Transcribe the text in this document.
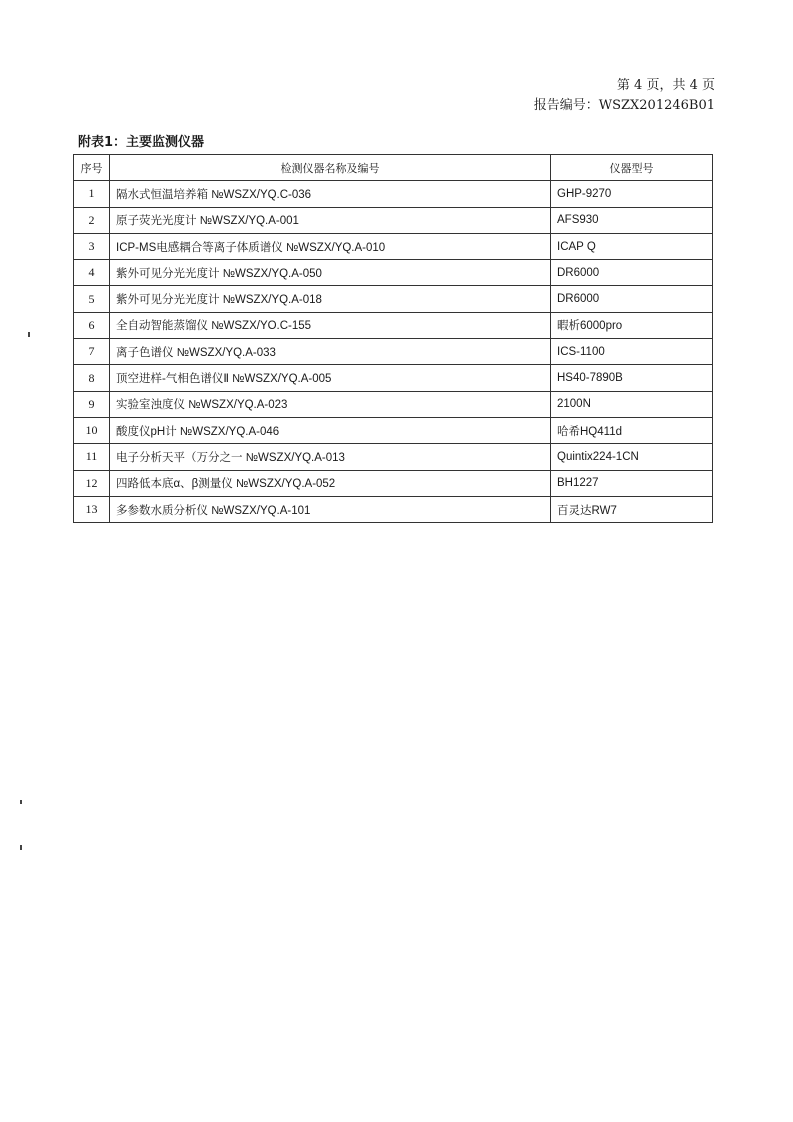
第 4 页，共 4 页
报告编号：WSZX201246B01
附表1：主要监测仪器
序号	检测仪器名称及编号	仪器型号
1	隔水式恒温培养箱 №WSZX/YQ.C-036	GHP-9270
2	原子荧光光度计 №WSZX/YQ.A-001	AFS930
3	ICP-MS电感耦合等离子体质谱仪 №WSZX/YQ.A-010	ICAP Q
4	紫外可见分光光度计 №WSZX/YQ.A-050	DR6000
5	紫外可见分光光度计 №WSZX/YQ.A-018	DR6000
6	全自动智能蒸馏仪 №WSZX/YO.C-155	暇析6000pro
7	离子色谱仪 №WSZX/YQ.A-033	ICS-1100
8	顶空进样-气相色谱仪Ⅱ №WSZX/YQ.A-005	HS40-7890B
9	实验室浊度仪 №WSZX/YQ.A-023	2100N
10	酸度仪pH计 №WSZX/YQ.A-046	哈希HQ411d
11	电子分析天平（万分之一 №WSZX/YQ.A-013	Quintix224-1CN
12	四路低本底α、β测量仪 №WSZX/YQ.A-052	BH1227
13	多参数水质分析仪 №WSZX/YQ.A-101	百灵达RW7
